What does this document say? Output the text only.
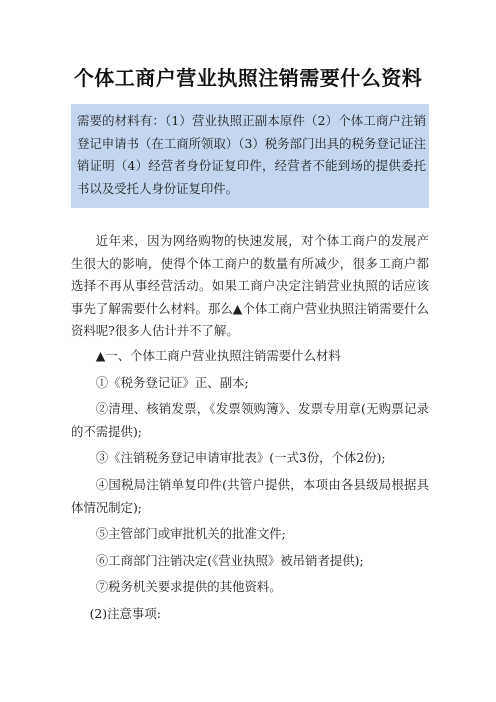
个体工商户营业执照注销需要什么资料
需要的材料有：（1）营业执照正副本原件（2）个体工商户注销登记申请书（在工商所领取）（3）税务部门出具的税务登记证注销证明（4）经营者身份证复印件，经营者不能到场的提供委托书以及受托人身份证复印件。

近年来，因为网络购物的快速发展，对个体工商户的发展产生很大的影响，使得个体工商户的数量有所减少，很多工商户都选择不再从事经营活动。如果工商户决定注销营业执照的话应该事先了解需要什么材料。那么▲个体工商户营业执照注销需要什么资料呢?很多人估计并不了解。

▲一、个体工商户营业执照注销需要什么材料

①《税务登记证》正、副本;

②清理、核销发票，《发票领购簿》、发票专用章(无购票记录的不需提供);

③《注销税务登记申请审批表》(一式3份，个体2份);

④国税局注销单复印件(共管户提供，本项由各县级局根据具体情况制定);

⑤主管部门或审批机关的批准文件;

⑥工商部门注销决定(《营业执照》被吊销者提供);

⑦税务机关要求提供的其他资料。

(2)注意事项:
